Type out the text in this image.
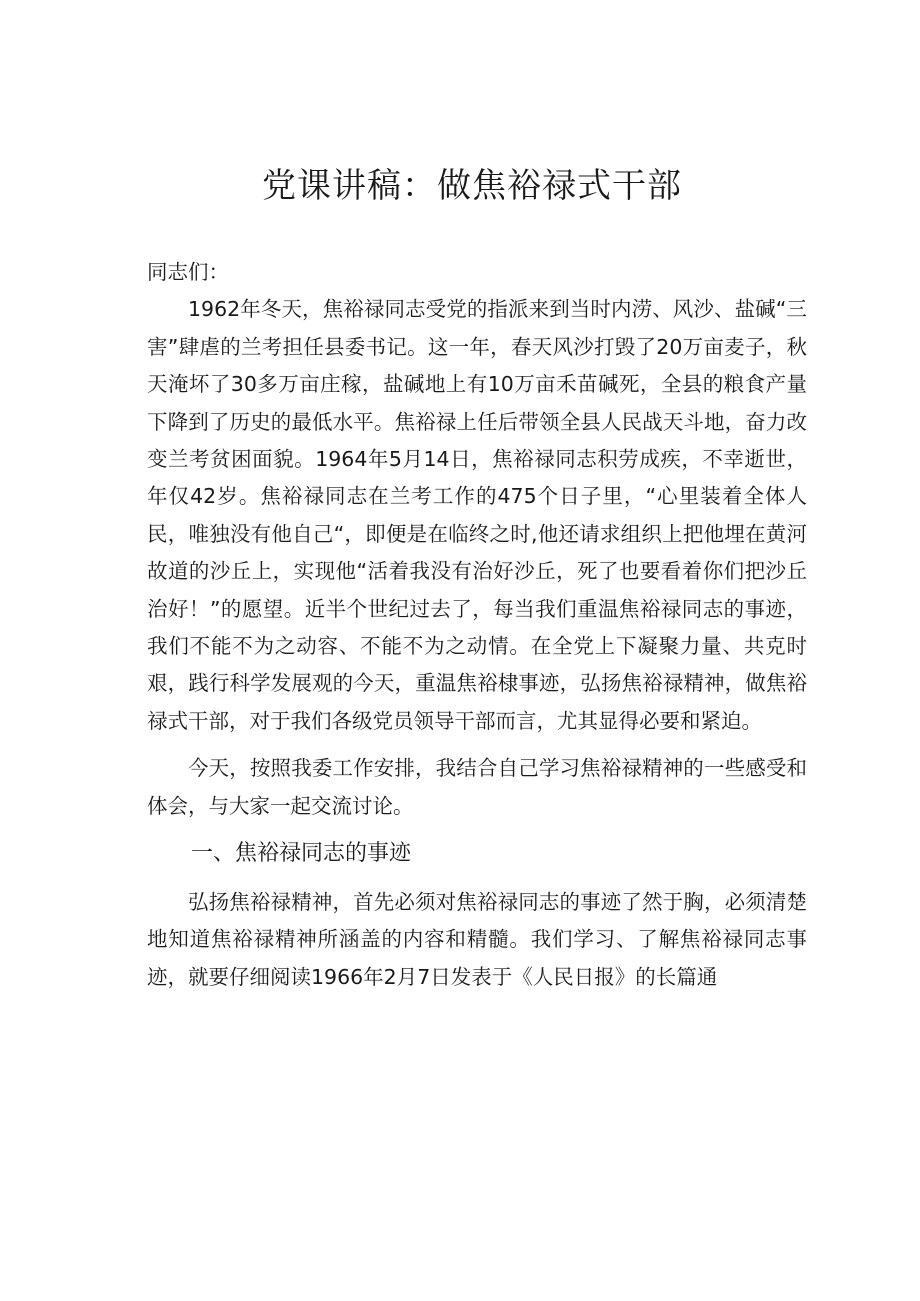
党课讲稿：做焦裕禄式干部

同志们：

1962年冬天，焦裕禄同志受党的指派来到当时内涝、风沙、盐碱“三害”肆虐的兰考担任县委书记。这一年，春天风沙打毁了20万亩麦子，秋天淹坏了30多万亩庄稼，盐碱地上有10万亩禾苗碱死，全县的粮食产量下降到了历史的最低水平。焦裕禄上任后带领全县人民战天斗地，奋力改变兰考贫困面貌。1964年5月14日，焦裕禄同志积劳成疾，不幸逝世，年仅42岁。焦裕禄同志在兰考工作的475个日子里，“心里装着全体人民，唯独没有他自己“，即便是在临终之时,他还请求组织上把他埋在黄河故道的沙丘上，实现他“活着我没有治好沙丘，死了也要看着你们把沙丘治好！”的愿望。近半个世纪过去了，每当我们重温焦裕禄同志的事迹，我们不能不为之动容、不能不为之动情。在全党上下凝聚力量、共克时艰，践行科学发展观的今天，重温焦裕棣事迹，弘扬焦裕禄精神，做焦裕禄式干部，对于我们各级党员领导干部而言，尤其显得必要和紧迫。

今天，按照我委工作安排，我结合自己学习焦裕禄精神的一些感受和体会，与大家一起交流讨论。

一、焦裕禄同志的事迹

弘扬焦裕禄精神，首先必须对焦裕禄同志的事迹了然于胸，必须清楚地知道焦裕禄精神所涵盖的内容和精髓。我们学习、了解焦裕禄同志事迹，就要仔细阅读1966年2月7日发表于《人民日报》的长篇通
